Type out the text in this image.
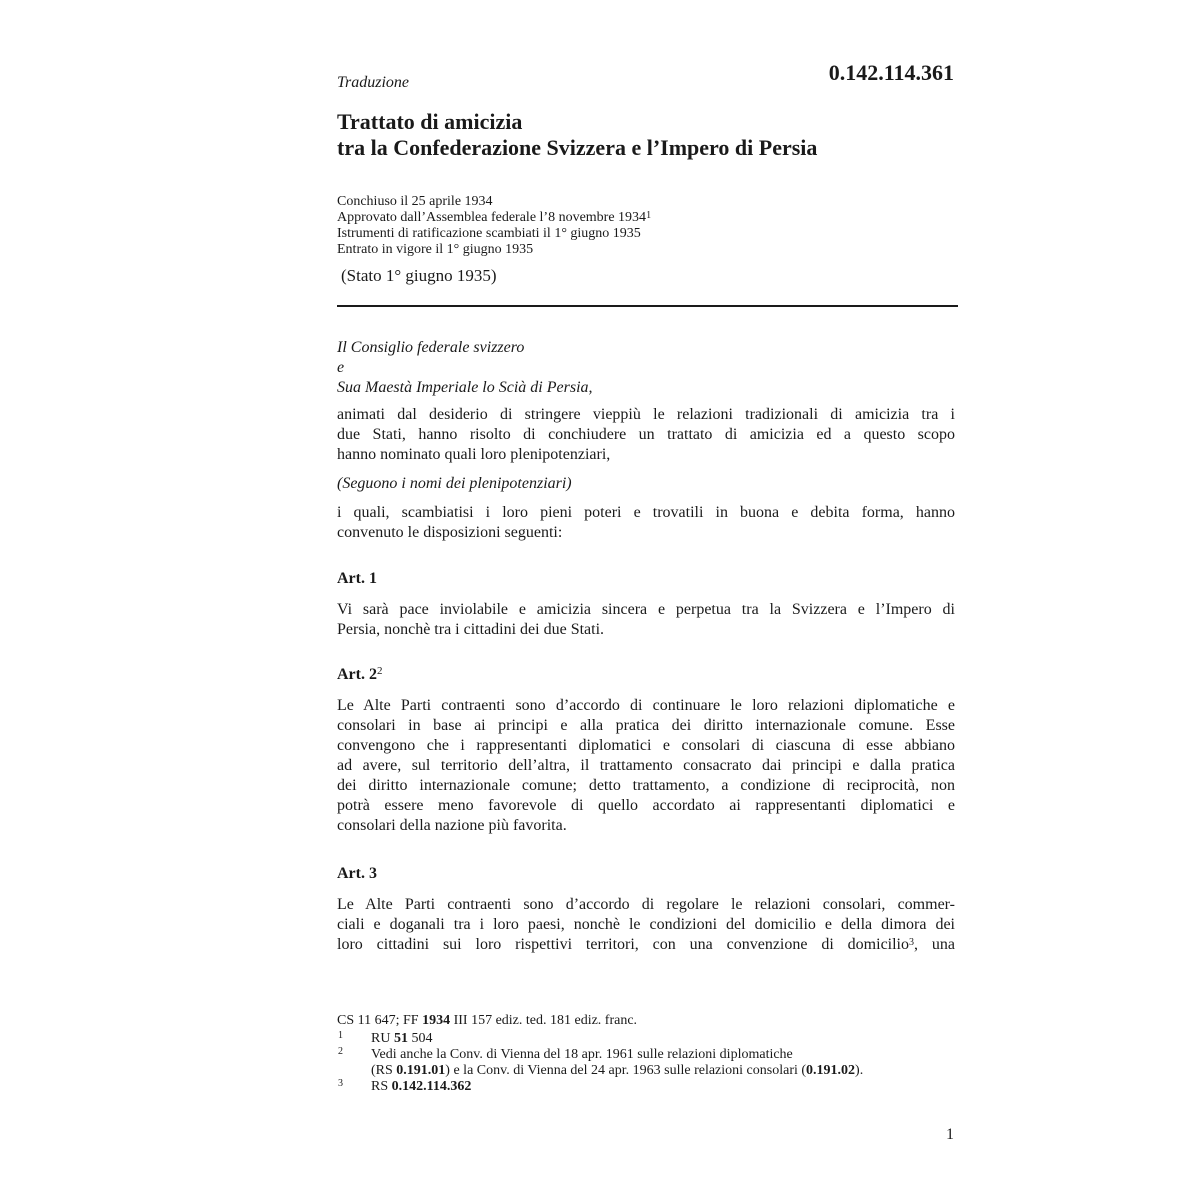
Traduzione	0.142.114.361
Trattato di amicizia
tra la Confederazione Svizzera e l’Impero di Persia
Conchiuso il 25 aprile 1934
Approvato dall’Assemblea federale l’8 novembre 1934$^1$
Istrumenti di ratificazione scambiati il 1° giugno 1935
Entrato in vigore il 1° giugno 1935
(Stato 1° giugno 1935)
Il Consiglio federale svizzero
e
Sua Maestà Imperiale lo Scià di Persia,
animati dal desiderio di stringere vieppiù le relazioni tradizionali di amicizia tra i
due Stati, hanno risolto di conchiudere un trattato di amicizia ed a questo scopo
hanno nominato quali loro plenipotenziari,
(Seguono i nomi dei plenipotenziari)
i quali, scambiatisi i loro pieni poteri e trovatili in buona e debita forma, hanno
convenuto le disposizioni seguenti:
Art. 1
Vi sarà pace inviolabile e amicizia sincera e perpetua tra la Svizzera e l’Impero di
Persia, nonchè tra i cittadini dei due Stati.
Art. $2^2$
Le Alte Parti contraenti sono d’accordo di continuare le loro relazioni diplomatiche e
consolari in base ai principi e alla pratica dei diritto internazionale comune. Esse
convengono che i rappresentanti diplomatici e consolari di ciascuna di esse abbiano
ad avere, sul territorio dell’altra, il trattamento consacrato dai principi e dalla pratica
dei diritto internazionale comune; detto trattamento, a condizione di reciprocità, non
potrà essere meno favorevole di quello accordato ai rappresentanti diplomatici e
consolari della nazione più favorita.
Art. 3
Le Alte Parti contraenti sono d’accordo di regolare le relazioni consolari, commer-
ciali e doganali tra i loro paesi, nonchè le condizioni del domicilio e della dimora dei
loro cittadini sui loro rispettivi territori, con una convenzione di domicilio$^3$, una
CS 11 647; FF 1934 III 157 ediz. ted. 181 ediz. franc.
1 RU 51 504
2 Vedi anche la Conv. di Vienna del 18 apr. 1961 sulle relazioni diplomatiche
(RS 0.191.01) e la Conv. di Vienna del 24 apr. 1963 sulle relazioni consolari (0.191.02).
3 RS 0.142.114.362
1
